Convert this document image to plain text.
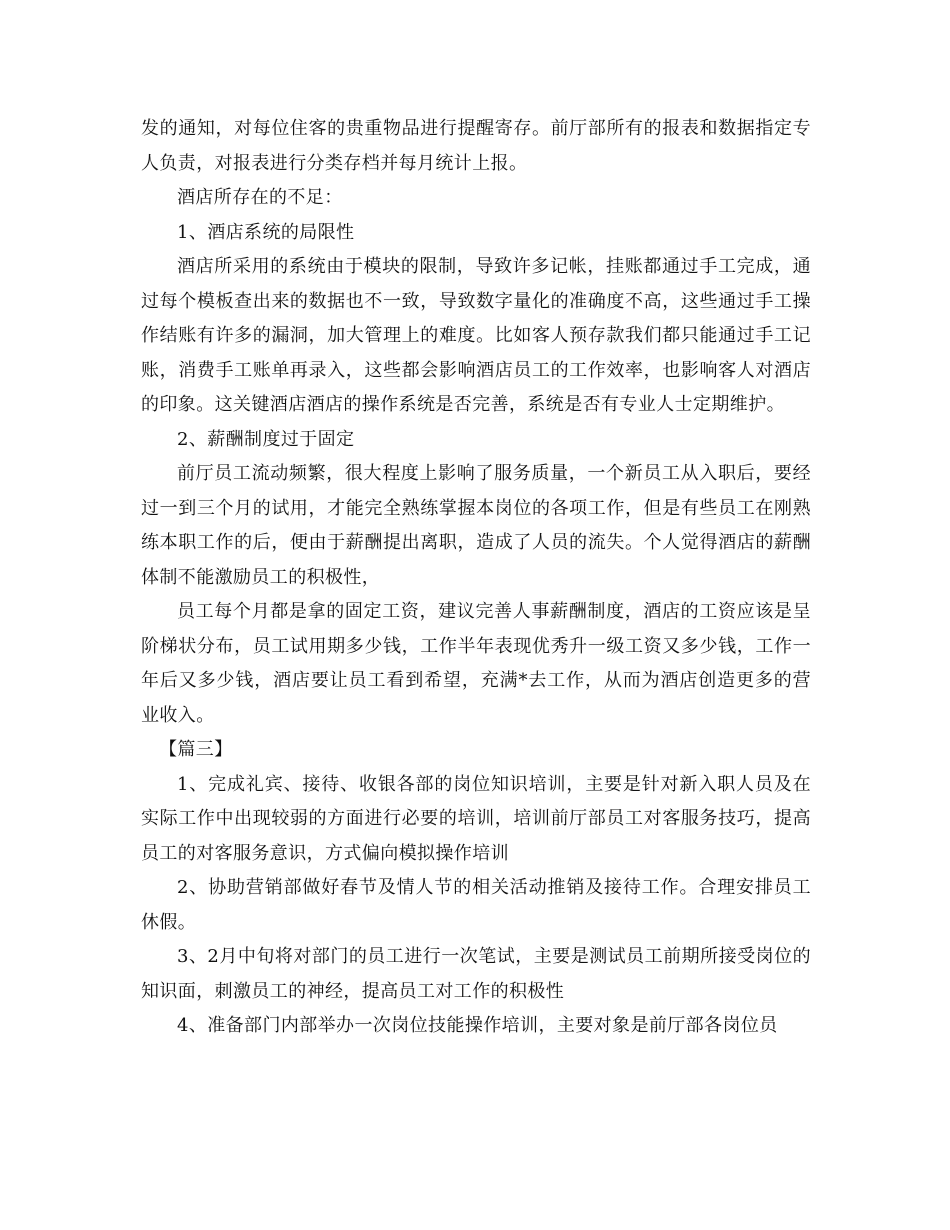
发的通知，对每位住客的贵重物品进行提醒寄存。前厅部所有的报表和数据指定专人负责，对报表进行分类存档并每月统计上报。

酒店所存在的不足：

1、酒店系统的局限性

酒店所采用的系统由于模块的限制，导致许多记帐，挂账都通过手工完成，通过每个模板查出来的数据也不一致，导致数字量化的准确度不高，这些通过手工操作结账有许多的漏洞，加大管理上的难度。比如客人预存款我们都只能通过手工记账，消费手工账单再录入，这些都会影响酒店员工的工作效率，也影响客人对酒店的印象。这关键酒店酒店的操作系统是否完善，系统是否有专业人士定期维护。

2、薪酬制度过于固定

前厅员工流动频繁，很大程度上影响了服务质量，一个新员工从入职后，要经过一到三个月的试用，才能完全熟练掌握本岗位的各项工作，但是有些员工在刚熟练本职工作的后，便由于薪酬提出离职，造成了人员的流失。个人觉得酒店的薪酬体制不能激励员工的积极性，

员工每个月都是拿的固定工资，建议完善人事薪酬制度，酒店的工资应该是呈阶梯状分布，员工试用期多少钱，工作半年表现优秀升一级工资又多少钱，工作一年后又多少钱，酒店要让员工看到希望，充满*去工作，从而为酒店创造更多的营业收入。

【篇三】

1、完成礼宾、接待、收银各部的岗位知识培训，主要是针对新入职人员及在实际工作中出现较弱的方面进行必要的培训，培训前厅部员工对客服务技巧，提高员工的对客服务意识，方式偏向模拟操作培训

2、协助营销部做好春节及情人节的相关活动推销及接待工作。合理安排员工休假。

3、2月中旬将对部门的员工进行一次笔试，主要是测试员工前期所接受岗位的知识面，刺激员工的神经，提高员工对工作的积极性

4、准备部门内部举办一次岗位技能操作培训，主要对象是前厅部各岗位员
